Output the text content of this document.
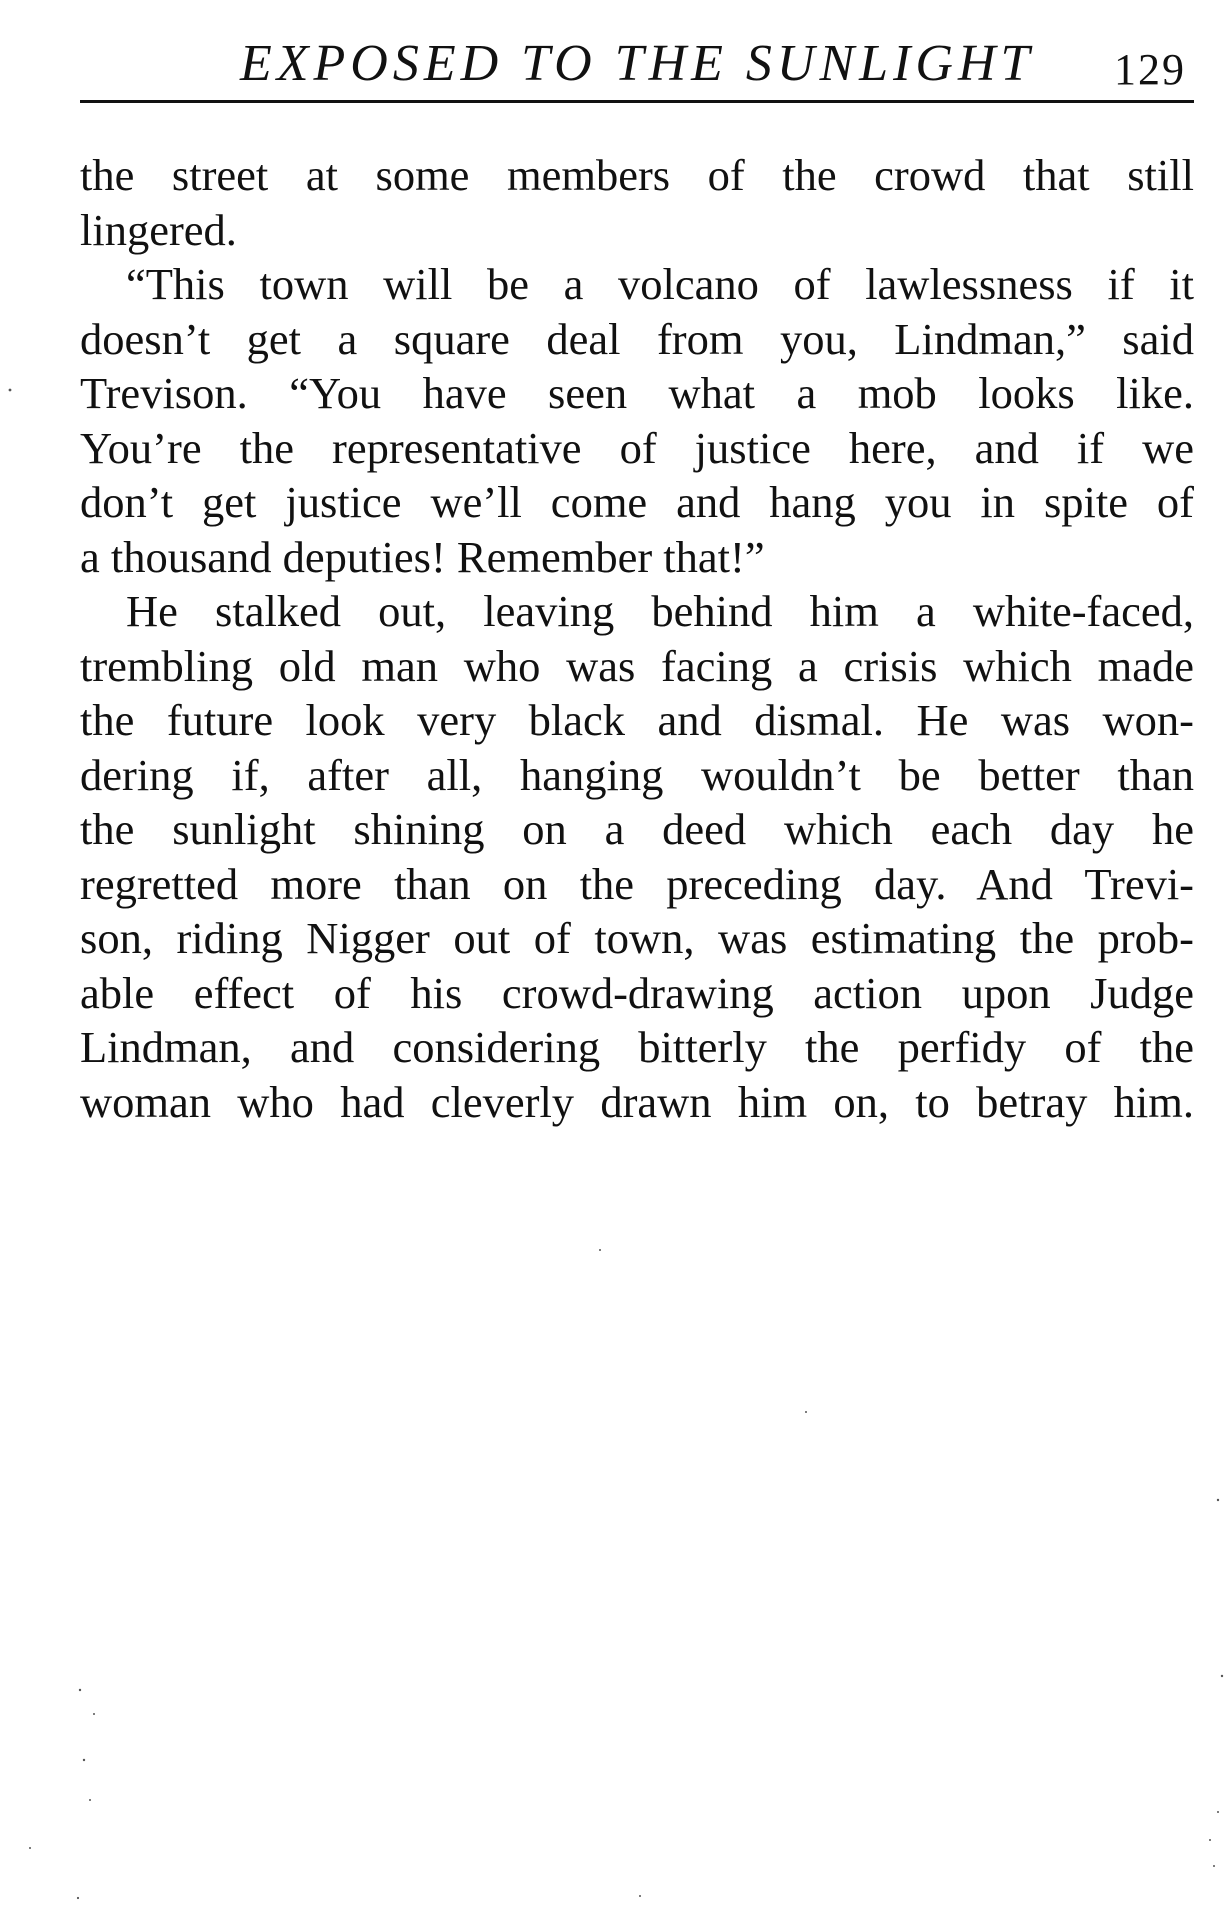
EXPOSED TO THE SUNLIGHT 129
the street at some members of the crowd that still
lingered.
“This town will be a volcano of lawlessness if it
doesn’t get a square deal from you, Lindman,” said
Trevison. “You have seen what a mob looks like.
You’re the representative of justice here, and if we
don’t get justice we’ll come and hang you in spite of
a thousand deputies! Remember that!”
He stalked out, leaving behind him a white-faced,
trembling old man who was facing a crisis which made
the future look very black and dismal. He was won-
dering if, after all, hanging wouldn’t be better than
the sunlight shining on a deed which each day he
regretted more than on the preceding day. And Trevi-
son, riding Nigger out of town, was estimating the prob-
able effect of his crowd-drawing action upon Judge
Lindman, and considering bitterly the perfidy of the
woman who had cleverly drawn him on, to betray him.
